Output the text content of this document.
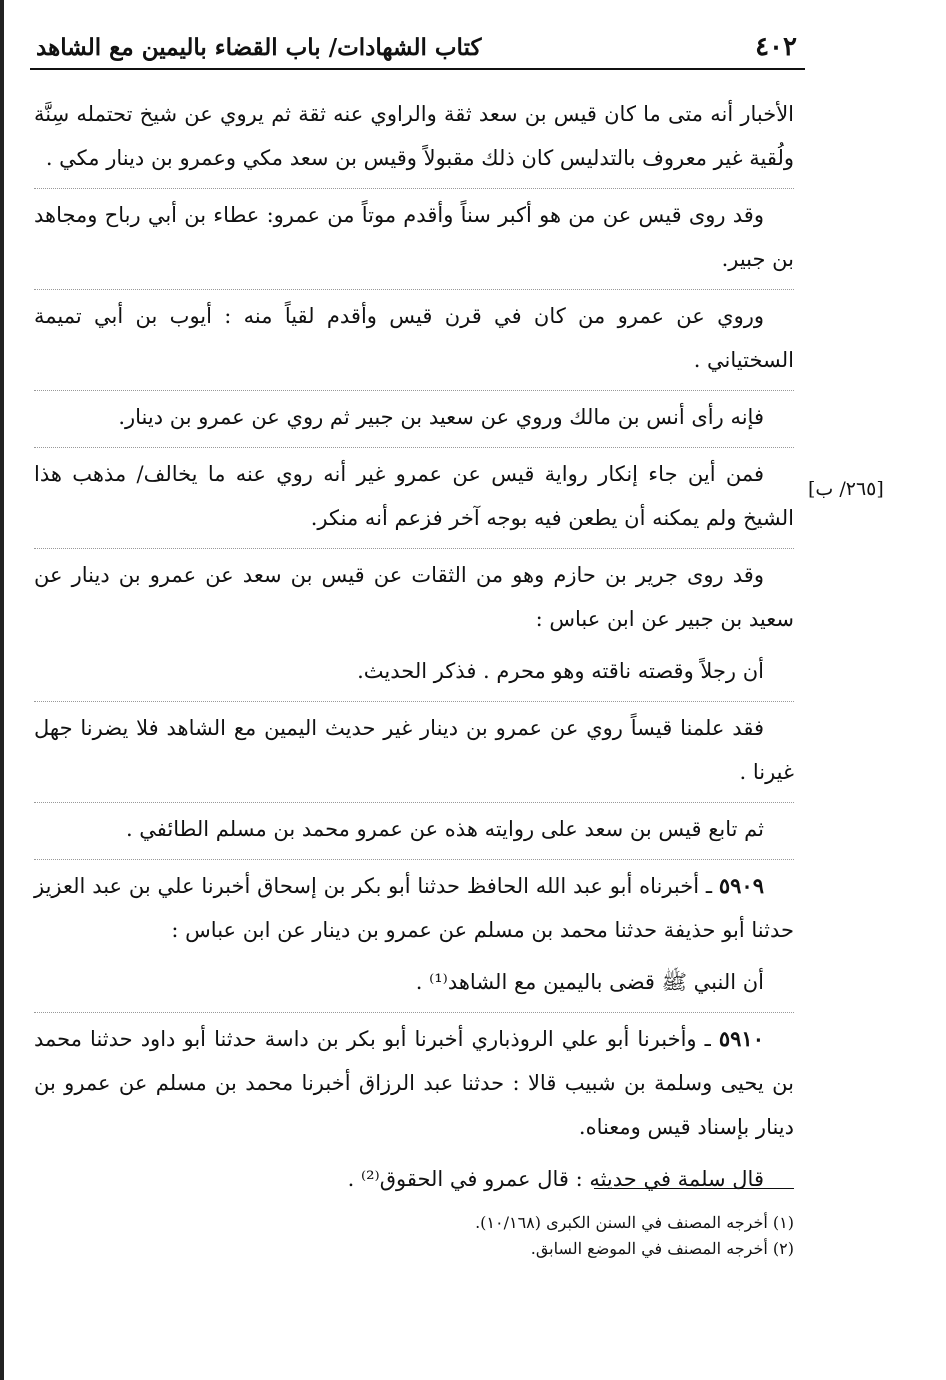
٤٠٢
كتاب الشهادات/ باب القضاء باليمين مع الشاهد
[٢٦٥/ ب]

الأخبار أنه متى ما كان قيس بن سعد ثقة والراوي عنه ثقة ثم يروي عن شيخ تحتمله سِنَّة ولُقية غير معروف بالتدليس كان ذلك مقبولاً وقيس بن سعد مكي وعمرو بن دينار مكي .

وقد روى قيس عن من هو أكبر سناً وأقدم موتاً من عمرو: عطاء بن أبي رباح ومجاهد بن جبير.

وروي عن عمرو من كان في قرن قيس وأقدم لقياً منه : أيوب بن أبي تميمة السختياني .

فإنه رأى أنس بن مالك وروي عن سعيد بن جبير ثم روي عن عمرو بن دينار.

فمن أين جاء إنكار رواية قيس عن عمرو غير أنه روي عنه ما يخالف/ مذهب هذا الشيخ ولم يمكنه أن يطعن فيه بوجه آخر فزعم أنه منكر.

وقد روى جرير بن حازم وهو من الثقات عن قيس بن سعد عن عمرو بن دينار عن سعيد بن جبير عن ابن عباس :

أن رجلاً وقصته ناقته وهو محرم . فذكر الحديث.

فقد علمنا قيساً روي عن عمرو بن دينار غير حديث اليمين مع الشاهد فلا يضرنا جهل غيرنا .

ثم تابع قيس بن سعد على روايته هذه عن عمرو محمد بن مسلم الطائفي .

٥٩٠٩ ـ أخبرناه أبو عبد الله الحافظ حدثنا أبو بكر بن إسحاق أخبرنا علي بن عبد العزيز حدثنا أبو حذيفة حدثنا محمد بن مسلم عن عمرو بن دينار عن ابن عباس :

أن النبي ﷺ قضى باليمين مع الشاهد⁽¹⁾ .

٥٩١٠ ـ وأخبرنا أبو علي الروذباري أخبرنا أبو بكر بن داسة حدثنا أبو داود حدثنا محمد بن يحيى وسلمة بن شبيب قالا : حدثنا عبد الرزاق أخبرنا محمد بن مسلم عن عمرو بن دينار بإسناد قيس ومعناه.

قال سلمة في حديثه : قال عمرو في الحقوق⁽²⁾ .

(١) أخرجه المصنف في السنن الكبرى (١٠/١٦٨).
(٢) أخرجه المصنف في الموضع السابق.
